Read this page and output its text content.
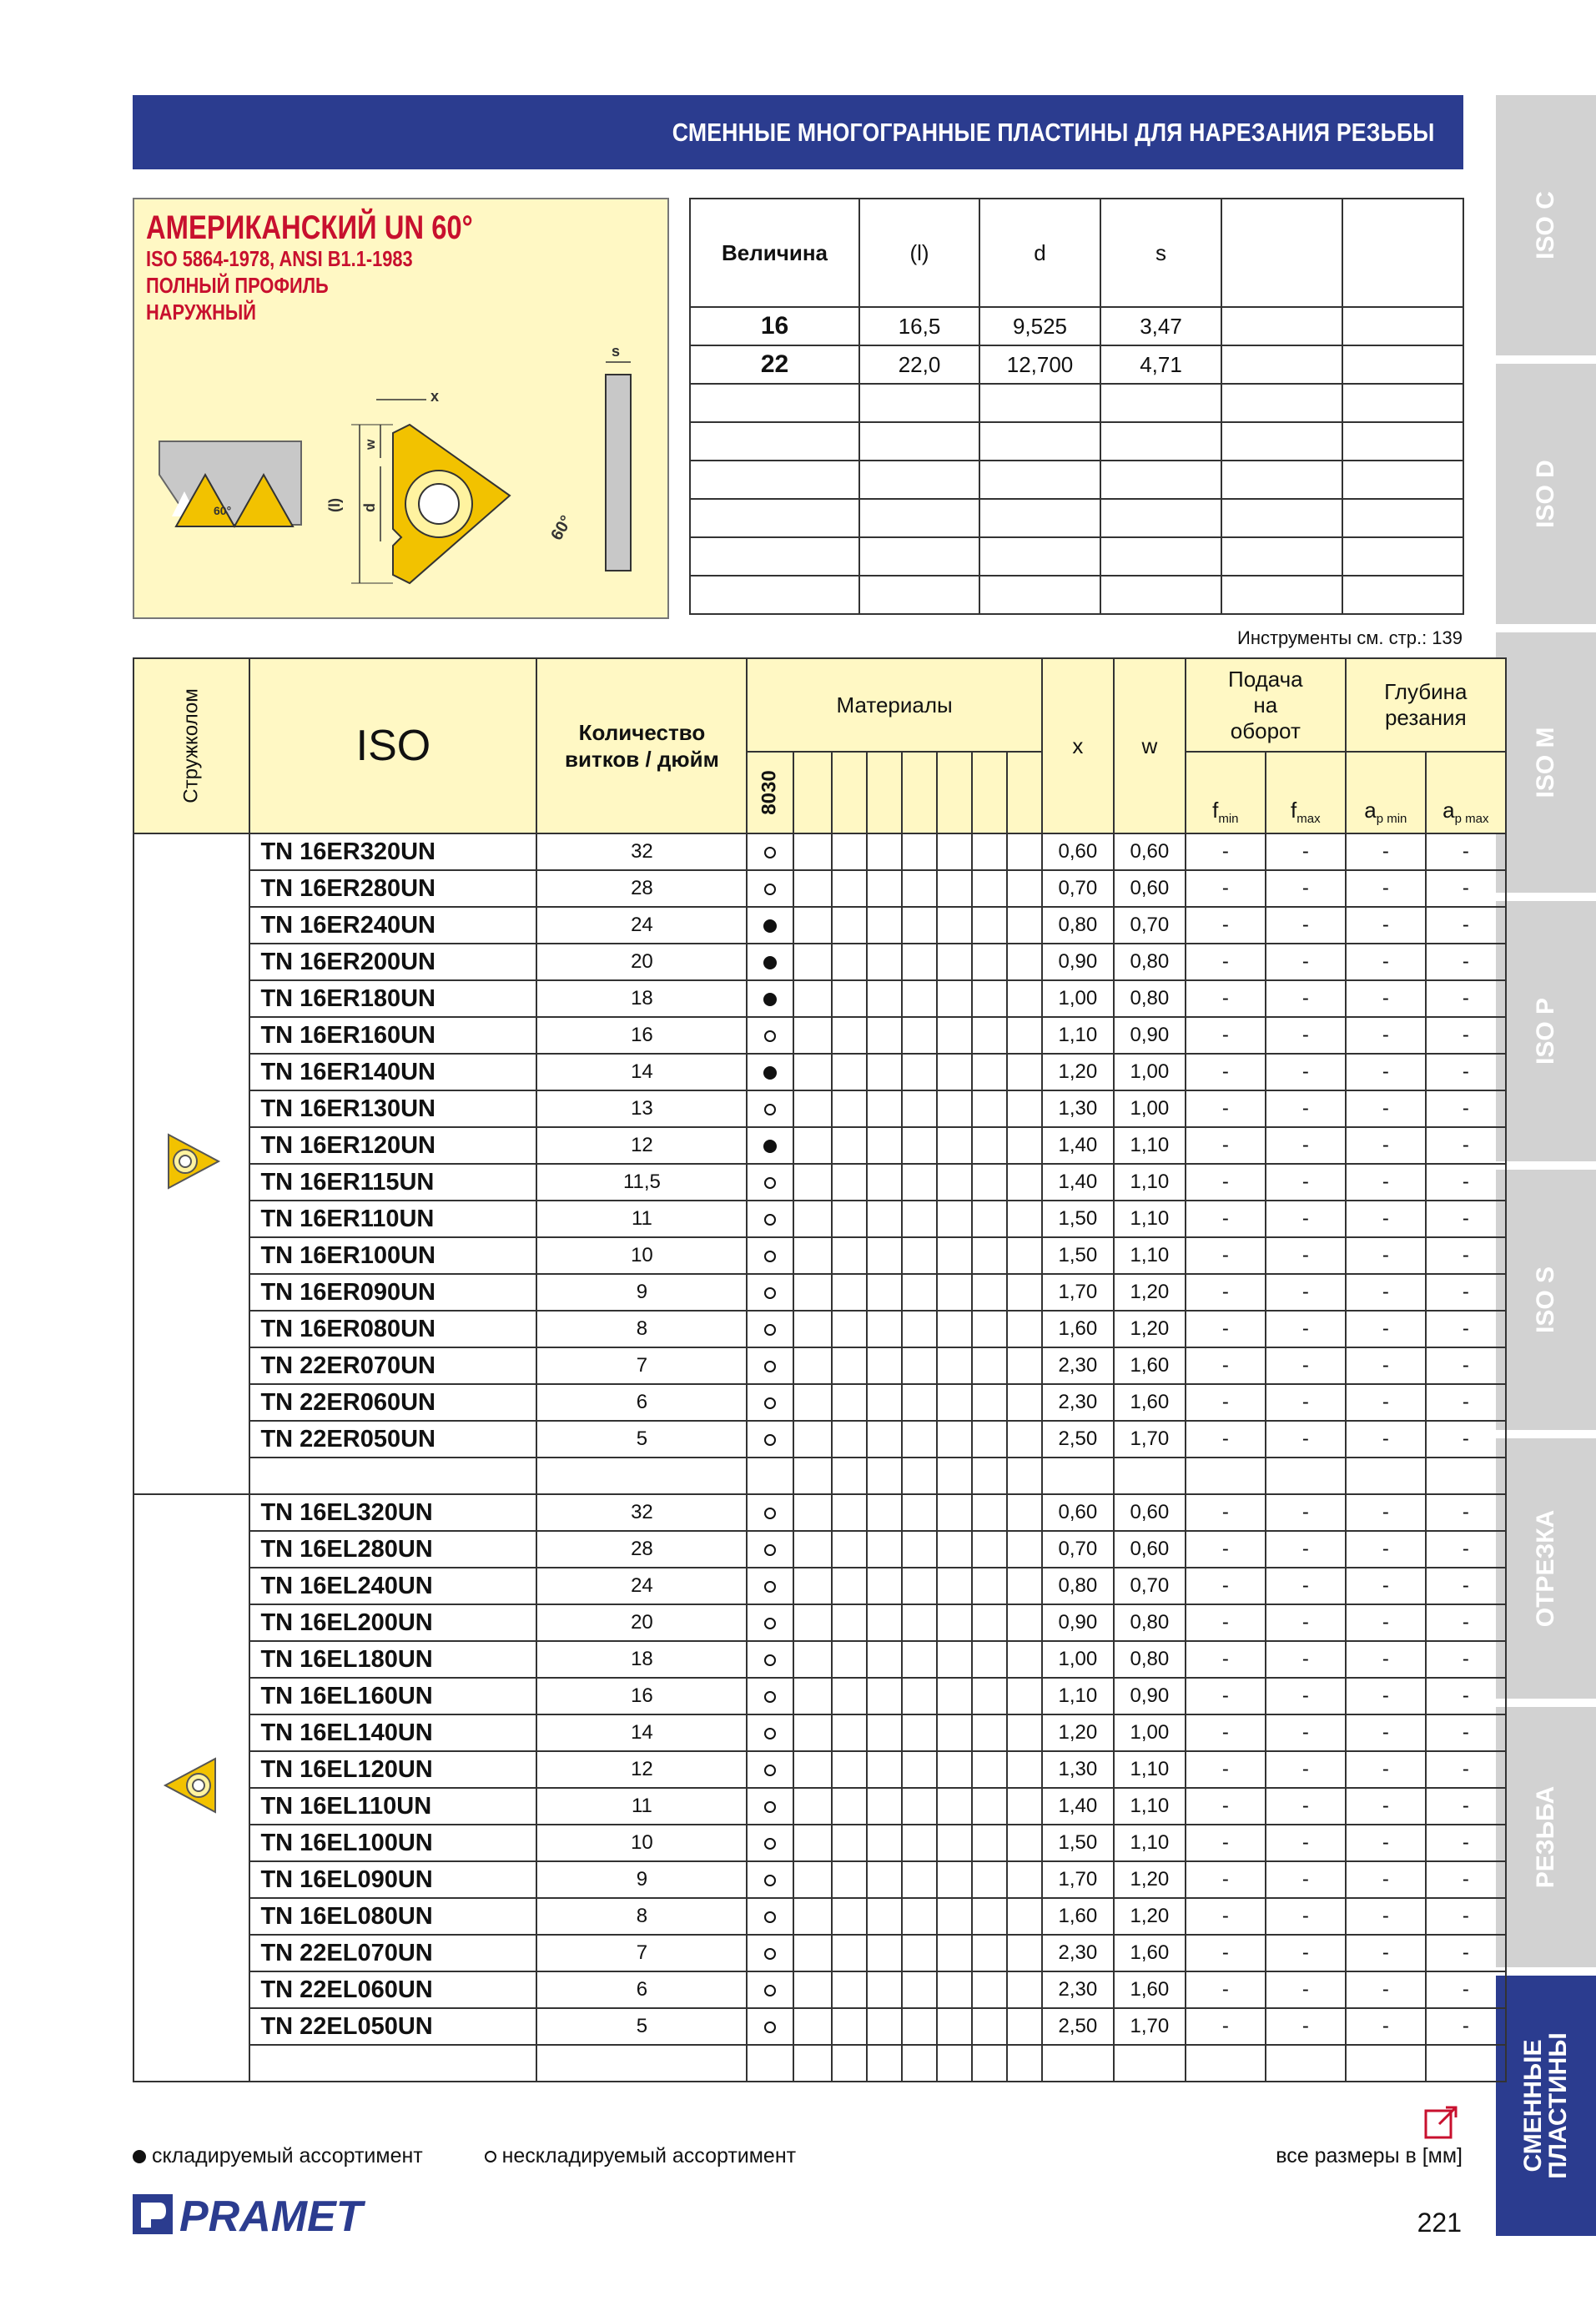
СМЕННЫЕ МНОГОГРАННЫЕ ПЛАСТИНЫ ДЛЯ НАРЕЗАНИЯ РЕЗЬБЫ
ISO C
ISO D
ISO M
ISO P
ISO S
ОТРЕЗКА
РЕЗЬБА
СМЕННЫЕ ПЛАСТИНЫ
АМЕРИКАНСКИЙ UN 60°
ISO 5864-1978, ANSI B1.1-1983
ПОЛНЫЙ ПРОФИЛЬ
НАРУЖНЫЙ
60°	(l) d
w
x
60°
s
Величина	(l)	d	s		
16	16,5	9,525	3,47		
22	22,0	12,700	4,71		

Инструменты см. стр.: 139
Стружколом	ISO	Количество витков / дюйм	Материалы								x	w	Подача на оборот		Глубина резания	
			8030										$f_{min}$	$f_{max}$	$a_{p min}$	$a_{p max}$
	TN 16ER320UN	32									0,60	0,60	-	-	-	-
	TN 16ER280UN	28									0,70	0,60	-	-	-	-
	TN 16ER240UN	24									0,80	0,70	-	-	-	-
	TN 16ER200UN	20									0,90	0,80	-	-	-	-
	TN 16ER180UN	18									1,00	0,80	-	-	-	-
	TN 16ER160UN	16									1,10	0,90	-	-	-	-
	TN 16ER140UN	14									1,20	1,00	-	-	-	-
	TN 16ER130UN	13									1,30	1,00	-	-	-	-
	TN 16ER120UN	12									1,40	1,10	-	-	-	-
	TN 16ER115UN	11,5									1,40	1,10	-	-	-	-
	TN 16ER110UN	11									1,50	1,10	-	-	-	-
	TN 16ER100UN	10									1,50	1,10	-	-	-	-
	TN 16ER090UN	9									1,70	1,20	-	-	-	-
	TN 16ER080UN	8									1,60	1,20	-	-	-	-
	TN 22ER070UN	7									2,30	1,60	-	-	-	-
	TN 22ER060UN	6									2,30	1,60	-	-	-	-
	TN 22ER050UN	5									2,50	1,70	-	-	-	-

	TN 16EL320UN	32									0,60	0,60	-	-	-	-
	TN 16EL280UN	28									0,70	0,60	-	-	-	-
	TN 16EL240UN	24									0,80	0,70	-	-	-	-
	TN 16EL200UN	20									0,90	0,80	-	-	-	-
	TN 16EL180UN	18									1,00	0,80	-	-	-	-
	TN 16EL160UN	16									1,10	0,90	-	-	-	-
	TN 16EL140UN	14									1,20	1,00	-	-	-	-
	TN 16EL120UN	12									1,30	1,10	-	-	-	-
	TN 16EL110UN	11									1,40	1,10	-	-	-	-
	TN 16EL100UN	10									1,50	1,10	-	-	-	-
	TN 16EL090UN	9									1,70	1,20	-	-	-	-
	TN 16EL080UN	8									1,60	1,20	-	-	-	-
	TN 22EL070UN	7									2,30	1,60	-	-	-	-
	TN 22EL060UN	6									2,30	1,60	-	-	-	-
	TN 22EL050UN	5									2,50	1,70	-	-	-	-

складируемый ассортимент	нескладируемый ассортимент	все размеры в [мм]
PRAMET	221
